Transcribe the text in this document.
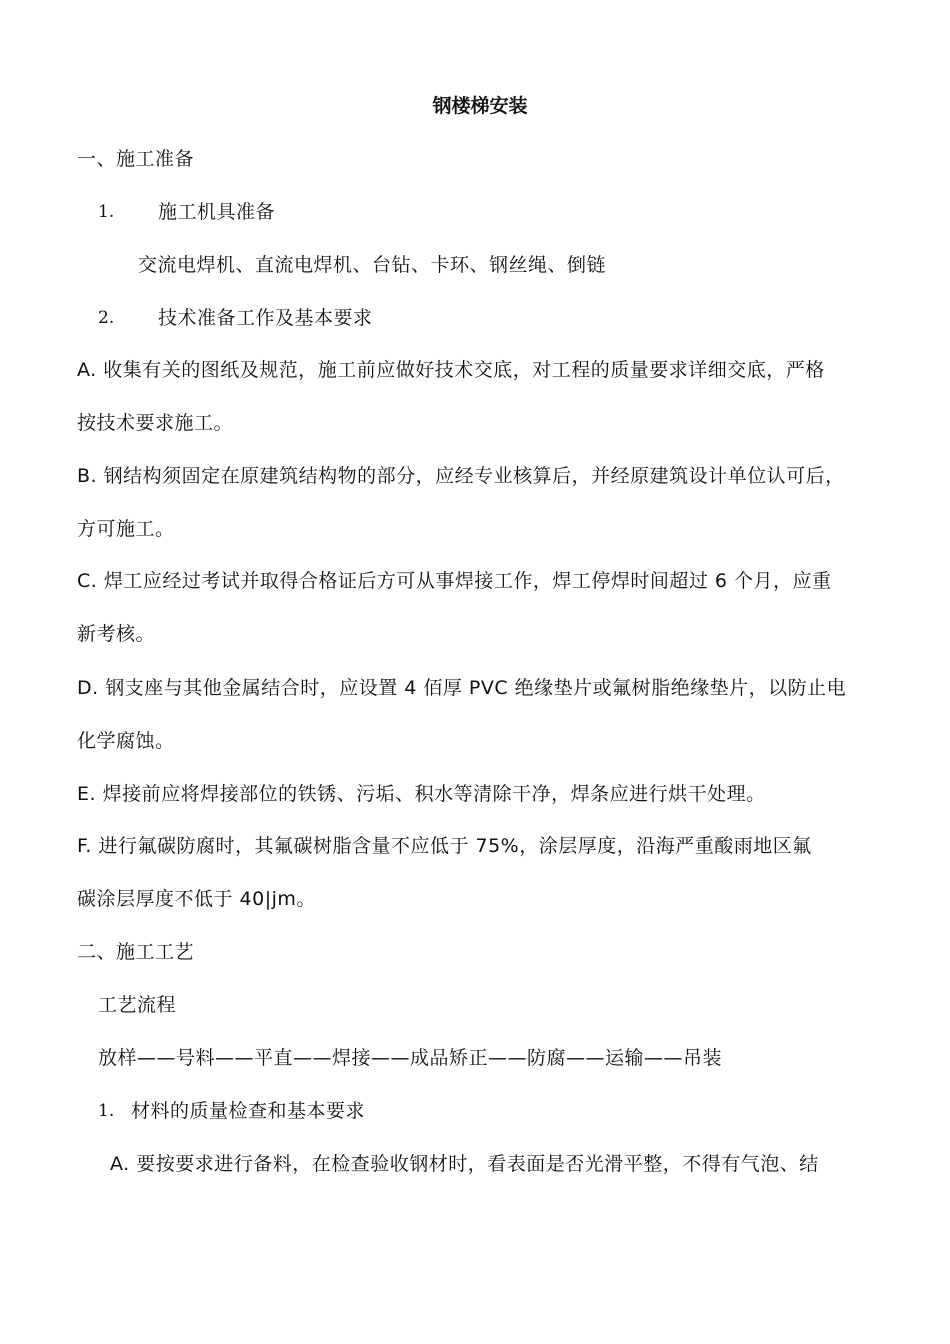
钢楼梯安装
一、施工准备
1. 施工机具准备
交流电焊机、直流电焊机、台钻、卡环、钢丝绳、倒链
2. 技术准备工作及基本要求
A. 收集有关的图纸及规范，施工前应做好技术交底，对工程的质量要求详细交底，严格
按技术要求施工。
B. 钢结构须固定在原建筑结构物的部分，应经专业核算后，并经原建筑设计单位认可后，
方可施工。
C. 焊工应经过考试并取得合格证后方可从事焊接工作，焊工停焊时间超过 6 个月，应重
新考核。
D. 钢支座与其他金属结合时，应设置 4 佰厚 PVC 绝缘垫片或氟树脂绝缘垫片，以防止电
化学腐蚀。
E. 焊接前应将焊接部位的铁锈、污垢、积水等清除干净，焊条应进行烘干处理。
F. 进行氟碳防腐时，其氟碳树脂含量不应低于 75%，涂层厚度，沿海严重酸雨地区氟
碳涂层厚度不低于 40|jm。
二、施工工艺
工艺流程
放样——号料——平直——焊接——成品矫正——防腐——运输——吊装
1. 材料的质量检查和基本要求
A. 要按要求进行备料，在检查验收钢材时，看表面是否光滑平整，不得有气泡、结
